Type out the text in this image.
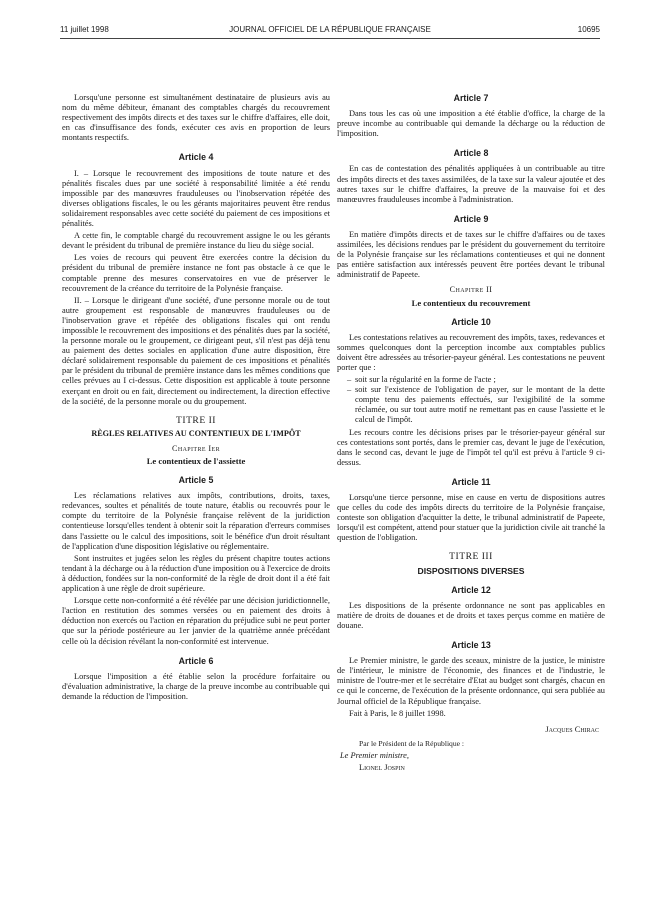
11 juillet 1998	JOURNAL OFFICIEL DE LA RÉPUBLIQUE FRANÇAISE	10695

Lorsqu'une personne est simultanément destinataire de plusieurs avis au nom du même débiteur, émanant des comptables chargés du recouvrement respectivement des impôts directs et des taxes sur le chiffre d'affaires, elle doit, en cas d'insuffisance des fonds, exécuter ces avis en proportion de leurs montants respectifs.

Article 4

I. – Lorsque le recouvrement des impositions de toute nature et des pénalités fiscales dues par une société à responsabilité limitée a été rendu impossible par des manœuvres frauduleuses ou l'inobservation répétée des diverses obligations fiscales, le ou les gérants majoritaires peuvent être rendus solidairement responsables avec cette société du paiement de ces impositions et pénalités.

A cette fin, le comptable chargé du recouvrement assigne le ou les gérants devant le président du tribunal de première instance du lieu du siège social.

Les voies de recours qui peuvent être exercées contre la décision du président du tribunal de première instance ne font pas obstacle à ce que le comptable prenne des mesures conservatoires en vue de préserver le recouvrement de la créance du territoire de la Polynésie française.

II. – Lorsque le dirigeant d'une société, d'une personne morale ou de tout autre groupement est responsable de manœuvres frauduleuses ou de l'inobservation grave et répétée des obligations fiscales qui ont rendu impossible le recouvrement des impositions et des pénalités dues par la société, la personne morale ou le groupement, ce dirigeant peut, s'il n'est pas déjà tenu au paiement des dettes sociales en application d'une autre disposition, être déclaré solidairement responsable du paiement de ces impositions et pénalités par le président du tribunal de première instance dans les mêmes conditions que celles prévues au I ci-dessus. Cette disposition est applicable à toute personne exerçant en droit ou en fait, directement ou indirectement, la direction effective de la société, de la personne morale ou du groupement.

TITRE II
RÈGLES RELATIVES AU CONTENTIEUX DE L'IMPÔT
Chapitre Ier
Le contentieux de l'assiette
Article 5

Les réclamations relatives aux impôts, contributions, droits, taxes, redevances, soultes et pénalités de toute nature, établis ou recouvrés pour le compte du territoire de la Polynésie française relèvent de la juridiction contentieuse lorsqu'elles tendent à obtenir soit la réparation d'erreurs commises dans l'assiette ou le calcul des impositions, soit le bénéfice d'un droit résultant de l'application d'une disposition législative ou réglementaire.

Sont instruites et jugées selon les règles du présent chapitre toutes actions tendant à la décharge ou à la réduction d'une imposition ou à l'exercice de droits à déduction, fondées sur la non-conformité de la règle de droit dont il a été fait application à une règle de droit supérieure.

Lorsque cette non-conformité a été révélée par une décision juridictionnelle, l'action en restitution des sommes versées ou en paiement des droits à déduction non exercés ou l'action en réparation du préjudice subi ne peut porter que sur la période postérieure au 1er janvier de la quatrième année précédant celle où la décision révélant la non-conformité est intervenue.

Article 6

Lorsque l'imposition a été établie selon la procédure forfaitaire ou d'évaluation administrative, la charge de la preuve incombe au contribuable qui demande la réduction de l'imposition.

Article 7

Dans tous les cas où une imposition a été établie d'office, la charge de la preuve incombe au contribuable qui demande la décharge ou la réduction de l'imposition.

Article 8

En cas de contestation des pénalités appliquées à un contribuable au titre des impôts directs et des taxes assimilées, de la taxe sur la valeur ajoutée et des autres taxes sur le chiffre d'affaires, la preuve de la mauvaise foi et des manœuvres frauduleuses incombe à l'administration.

Article 9

En matière d'impôts directs et de taxes sur le chiffre d'affaires ou de taxes assimilées, les décisions rendues par le président du gouvernement du territoire de la Polynésie française sur les réclamations contentieuses et qui ne donnent pas entière satisfaction aux intéressés peuvent être portées devant le tribunal administratif de Papeete.

Chapitre II
Le contentieux du recouvrement
Article 10

Les contestations relatives au recouvrement des impôts, taxes, redevances et sommes quelconques dont la perception incombe aux comptables publics doivent être adressées au trésorier-payeur général. Les contestations ne peuvent porter que :

– soit sur la régularité en la forme de l'acte ;
– soit sur l'existence de l'obligation de payer, sur le montant de la dette compte tenu des paiements effectués, sur l'exigibilité de la somme réclamée, ou sur tout autre motif ne remettant pas en cause l'assiette et le calcul de l'impôt.

Les recours contre les décisions prises par le trésorier-payeur général sur ces contestations sont portés, dans le premier cas, devant le juge de l'exécution, dans le second cas, devant le juge de l'impôt tel qu'il est prévu à l'article 9 ci-dessus.

Article 11

Lorsqu'une tierce personne, mise en cause en vertu de dispositions autres que celles du code des impôts directs du territoire de la Polynésie française, conteste son obligation d'acquitter la dette, le tribunal administratif de Papeete, lorsqu'il est compétent, attend pour statuer que la juridiction civile ait tranché la question de l'obligation.

TITRE III
DISPOSITIONS DIVERSES
Article 12

Les dispositions de la présente ordonnance ne sont pas applicables en matière de droits de douanes et de droits et taxes perçus comme en matière de douane.

Article 13

Le Premier ministre, le garde des sceaux, ministre de la justice, le ministre de l'intérieur, le ministre de l'économie, des finances et de l'industrie, le ministre de l'outre-mer et le secrétaire d'Etat au budget sont chargés, chacun en ce qui le concerne, de l'exécution de la présente ordonnance, qui sera publiée au Journal officiel de la République française.

Fait à Paris, le 8 juillet 1998.

Jacques Chirac
Par le Président de la République :
Le Premier ministre,
Lionel Jospin
